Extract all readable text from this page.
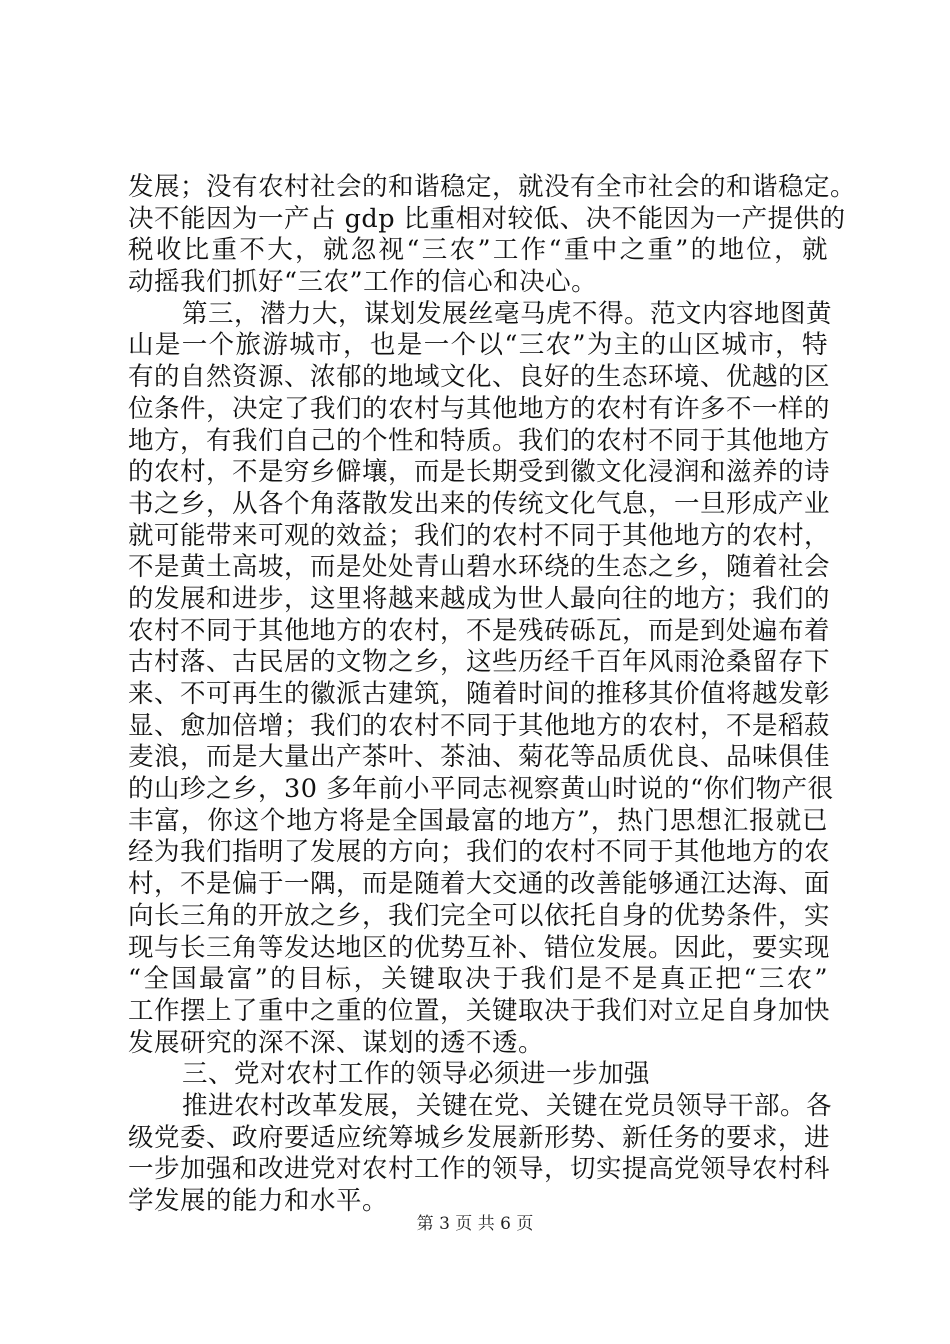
发展；没有农村社会的和谐稳定，就没有全市社会的和谐稳定。
决不能因为一产占 gdp 比重相对较低、决不能因为一产提供的
税收比重不大，就忽视“三农”工作“重中之重”的地位，就
动摇我们抓好“三农”工作的信心和决心。
第三，潜力大，谋划发展丝毫马虎不得。范文内容地图黄
山是一个旅游城市，也是一个以“三农”为主的山区城市，特
有的自然资源、浓郁的地域文化、良好的生态环境、优越的区
位条件，决定了我们的农村与其他地方的农村有许多不一样的
地方，有我们自己的个性和特质。我们的农村不同于其他地方
的农村，不是穷乡僻壤，而是长期受到徽文化浸润和滋养的诗
书之乡，从各个角落散发出来的传统文化气息，一旦形成产业
就可能带来可观的效益；我们的农村不同于其他地方的农村，
不是黄土高坡，而是处处青山碧水环绕的生态之乡，随着社会
的发展和进步，这里将越来越成为世人最向往的地方；我们的
农村不同于其他地方的农村，不是残砖砾瓦，而是到处遍布着
古村落、古民居的文物之乡，这些历经千百年风雨沧桑留存下
来、不可再生的徽派古建筑，随着时间的推移其价值将越发彰
显、愈加倍增；我们的农村不同于其他地方的农村，不是稻菽
麦浪，而是大量出产茶叶、茶油、菊花等品质优良、品味俱佳
的山珍之乡，30 多年前小平同志视察黄山时说的“你们物产很
丰富，你这个地方将是全国最富的地方”，热门思想汇报就已
经为我们指明了发展的方向；我们的农村不同于其他地方的农
村，不是偏于一隅，而是随着大交通的改善能够通江达海、面
向长三角的开放之乡，我们完全可以依托自身的优势条件，实
现与长三角等发达地区的优势互补、错位发展。因此，要实现
“全国最富”的目标，关键取决于我们是不是真正把“三农”
工作摆上了重中之重的位置，关键取决于我们对立足自身加快
发展研究的深不深、谋划的透不透。
三、党对农村工作的领导必须进一步加强
推进农村改革发展，关键在党、关键在党员领导干部。各
级党委、政府要适应统筹城乡发展新形势、新任务的要求，进
一步加强和改进党对农村工作的领导，切实提高党领导农村科
学发展的能力和水平。
第 3 页 共 6 页
